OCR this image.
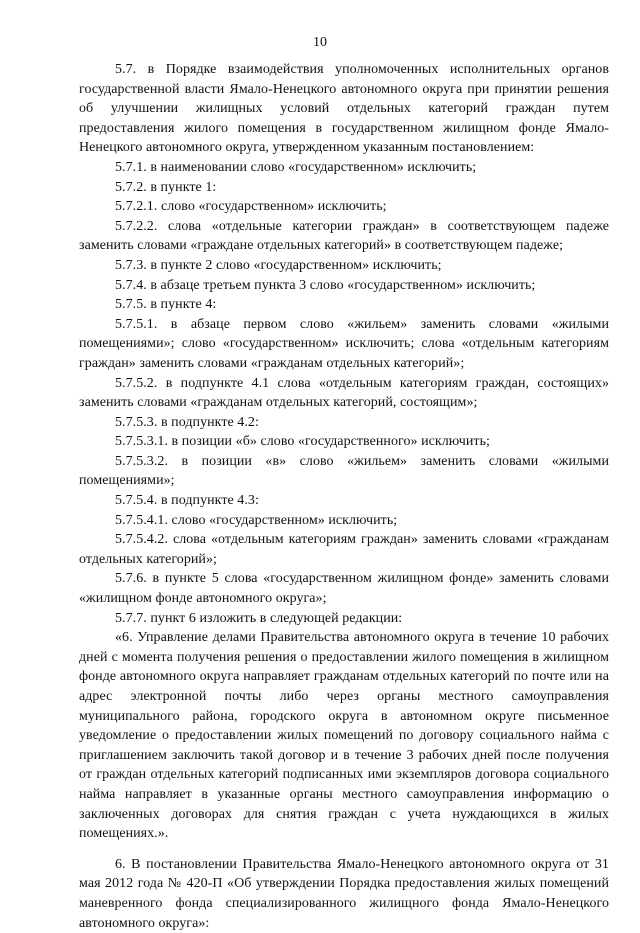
10

5.7. в Порядке взаимодействия уполномоченных исполнительных органов государственной власти Ямало-Ненецкого автономного округа при принятии решения об улучшении жилищных условий отдельных категорий граждан путем предоставления жилого помещения в государственном жилищном фонде Ямало-Ненецкого автономного округа, утвержденном указанным постановлением:

5.7.1. в наименовании слово «государственном» исключить;

5.7.2. в пункте 1:

5.7.2.1. слово «государственном» исключить;

5.7.2.2. слова «отдельные категории граждан» в соответствующем падеже заменить словами «граждане отдельных категорий» в соответствующем падеже;

5.7.3. в пункте 2 слово «государственном» исключить;

5.7.4. в абзаце третьем пункта 3 слово «государственном» исключить;

5.7.5. в пункте 4:

5.7.5.1. в абзаце первом слово «жильем» заменить словами «жилыми помещениями»; слово «государственном» исключить; слова «отдельным категориям граждан» заменить словами «гражданам отдельных категорий»;

5.7.5.2. в подпункте 4.1 слова «отдельным категориям граждан, состоящих» заменить словами «гражданам отдельных категорий, состоящим»;

5.7.5.3. в подпункте 4.2:

5.7.5.3.1. в позиции «б» слово «государственного» исключить;

5.7.5.3.2. в позиции «в» слово «жильем» заменить словами «жилыми помещениями»;

5.7.5.4. в подпункте 4.3:

5.7.5.4.1. слово «государственном» исключить;

5.7.5.4.2. слова «отдельным категориям граждан» заменить словами «гражданам отдельных категорий»;

5.7.6. в пункте 5 слова «государственном жилищном фонде» заменить словами «жилищном фонде автономного округа»;

5.7.7. пункт 6 изложить в следующей редакции:

«6. Управление делами Правительства автономного округа в течение 10 рабочих дней с момента получения решения о предоставлении жилого помещения в жилищном фонде автономного округа направляет гражданам отдельных категорий по почте или на адрес электронной почты либо через органы местного самоуправления муниципального района, городского округа в автономном округе письменное уведомление о предоставлении жилых помещений по договору социального найма с приглашением заключить такой договор и в течение 3 рабочих дней после получения от граждан отдельных категорий подписанных ими экземпляров договора социального найма направляет в указанные органы местного самоуправления информацию о заключенных договорах для снятия граждан с учета нуждающихся в жилых помещениях.».

6. В постановлении Правительства Ямало-Ненецкого автономного округа от 31 мая 2012 года № 420-П «Об утверждении Порядка предоставления жилых помещений маневренного фонда специализированного жилищного фонда Ямало-Ненецкого автономного округа»:
